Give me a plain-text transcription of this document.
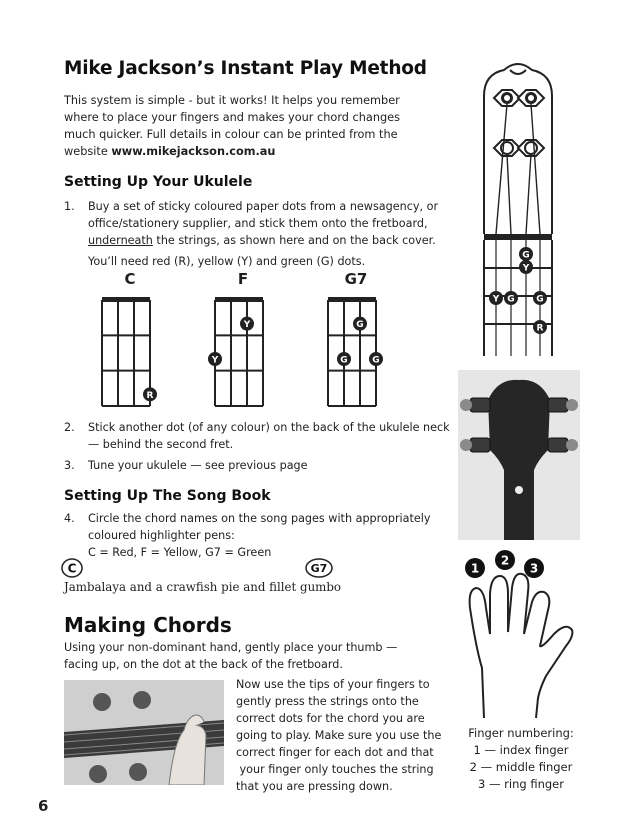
Mike Jackson’s Instant Play Method
This system is simple - but it works! It helps you remember
where to place your fingers and makes your chord changes
much quicker. Full details in colour can be printed from the
website www.mikejackson.com.au
Setting Up Your Ukulele
1. Buy a set of sticky coloured paper dots from a newsagency, or
office/stationery supplier, and stick them onto the fretboard,
underneath the strings, as shown here and on the back cover.
You’ll need red (R), yellow (Y) and green (G) dots.
C	F	G7
R
Y
Y
G
G	G
2. Stick another dot (of any colour) on the back of the ukulele neck
— behind the second fret.
3. Tune your ukulele — see previous page
Setting Up The Song Book
4. Circle the chord names on the song pages with appropriately
coloured highlighter pens:
C = Red, F = Yellow, G7 = Green
C	G7
Jambalaya and a crawfish pie and fillet gumbo
Making Chords
Using your non-dominant hand, gently place your thumb —
facing up, on the dot at the back of the fretboard.
Now use the tips of your fingers to
gently press the strings onto the
correct dots for the chord you are
going to play. Make sure you use the
correct finger for each dot and that
your finger only touches the string
that you are pressing down.
G
Y
Y G G
R
1
2
3
Finger numbering:
1 — index finger
2 — middle finger
3 — ring finger
6
